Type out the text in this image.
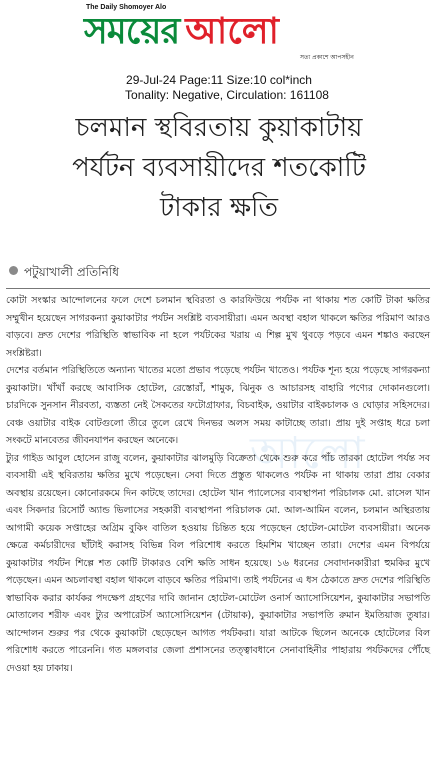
The Daily Shomoyer Alo
সময়ের আলো
সত্য প্রকাশে আপসহীন
29-Jul-24 Page:11 Size:10 col*inch
Tonality: Negative, Circulation: 161108
চলমান স্থবিরতায় কুয়াকাটায়
পর্যটন ব্যবসায়ীদের শতকোটি
টাকার ক্ষতি
পটুয়াখালী প্রতিনিধি
আলো

কোটা সংস্কার আন্দোলনের ফলে দেশে চলমান স্থবিরতা ও কারফিউয়ে পর্যটক না থাকায় শত কোটি টাকা ক্ষতির সম্মুখীন হয়েছেন সাগরকন্যা কুয়াকাটার পর্যটন সংশ্লিষ্ট ব্যবসায়ীরা। এমন অবস্থা বহাল থাকলে ক্ষতির পরিমাণ আরও বাড়বে। দ্রুত দেশের পরিস্থিতি স্বাভাবিক না হলে পর্যটকের খরায় এ শিল্প মুখ থুবড়ে পড়বে এমন শঙ্কাও করছেন সংশ্লিষ্টরা।

দেশের বর্তমান পরিস্থিতিতে অন্যান্য খাতের মতো প্রভাব পড়েছে পর্যটন খাতেও। পর্যটক শূন্য হয়ে পড়েছে সাগরকন্যা কুয়াকাটা। খাঁখাঁ করছে আবাসিক হোটেল, রেস্তোরাঁ, শামুক, ঝিনুক ও আচারসহ বাহারি পণ্যের দোকানগুলো। চারদিকে সুনসান নীরবতা, ব্যস্ততা নেই সৈকতের ফটোগ্রাফার, বিচবাইক, ওয়াটার বাইকচালক ও ঘোড়ার সহিসদের। বেঞ্চ ওয়াটার বাইক বোটগুলো তীরে তুলে রেখে দিনভর অলস সময় কাটাচ্ছে তারা। প্রায় দুই সপ্তাহ ধরে চলা সংকটে মানবেতর জীবনযাপন করছেন অনেকে।

ট্যুর গাইড আবুল হোসেন রাজু বলেন, কুয়াকাটার ঝালমুড়ি বিক্রেতা থেকে শুরু করে পাঁচ তারকা হোটেল পর্যন্ত সব ব্যবসায়ী এই স্থবিরতায় ক্ষতির মুখে পড়েছেন। সেবা দিতে প্রস্তুত থাকলেও পর্যটক না থাকায় তারা প্রায় বেকার অবস্থায় রয়েছেন। কোনোরকমে দিন কাটছে তাদের। হোটেল খান প্যালেসের ব্যবস্থাপনা পরিচালক মো. রাসেল খান এবং সিকদার রিসোর্ট অ্যান্ড ভিলাসের সহকারী ব্যবস্থাপনা পরিচালক মো. আল-আমিন বলেন, চলমান অস্থিরতায় আগামী কয়েক সপ্তাহের অগ্রিম বুকিং বাতিল হওয়ায় চিন্তিত হয়ে পড়েছেন হোটেল-মোটেল ব্যবসায়ীরা। অনেক ক্ষেত্রে কর্মচারীদের ছাঁটাই করাসহ বিভিন্ন বিল পরিশোধ করতে হিমশিম খাচ্ছেন তারা। দেশের এমন বিপর্যয়ে কুয়াকাটার পর্যটন শিল্পে শত কোটি টাকারও বেশি ক্ষতি সাধন হয়েছে। ১৬ ধরনের সেবাদানকারীরা হুমকির মুখে পড়েছেন। এমন অচলাবস্থা বহাল থাকলে বাড়বে ক্ষতির পরিমাণ। তাই পর্যটনের এ ধস ঠেকাতে দ্রুত দেশের পরিস্থিতি স্বাভাবিক করার কার্যকর পদক্ষেপ গ্রহণের দাবি জানান হোটেল-মোটেল ওনার্স অ্যাসোসিয়েশন, কুয়াকাটার সভাপতি মোতালেব শরীফ এবং ট্যুর অপারেটর্স অ্যাসোসিয়েশন (টোয়াক), কুয়াকাটার সভাপতি রুমান ইমতিয়াজ তুষার। আন্দোলন শুরুর পর থেকে কুয়াকাটা ছেড়েছেন আগত পর্যটকরা। যারা আটকে ছিলেন অনেকে হোটেলের বিল পরিশোধ করতে পারেননি। গত মঙ্গলবার জেলা প্রশাসনের তত্ত্বাবধানে সেনাবাহিনীর পাহারায় পর্যটকদের পৌঁছে দেওয়া হয় ঢাকায়।
